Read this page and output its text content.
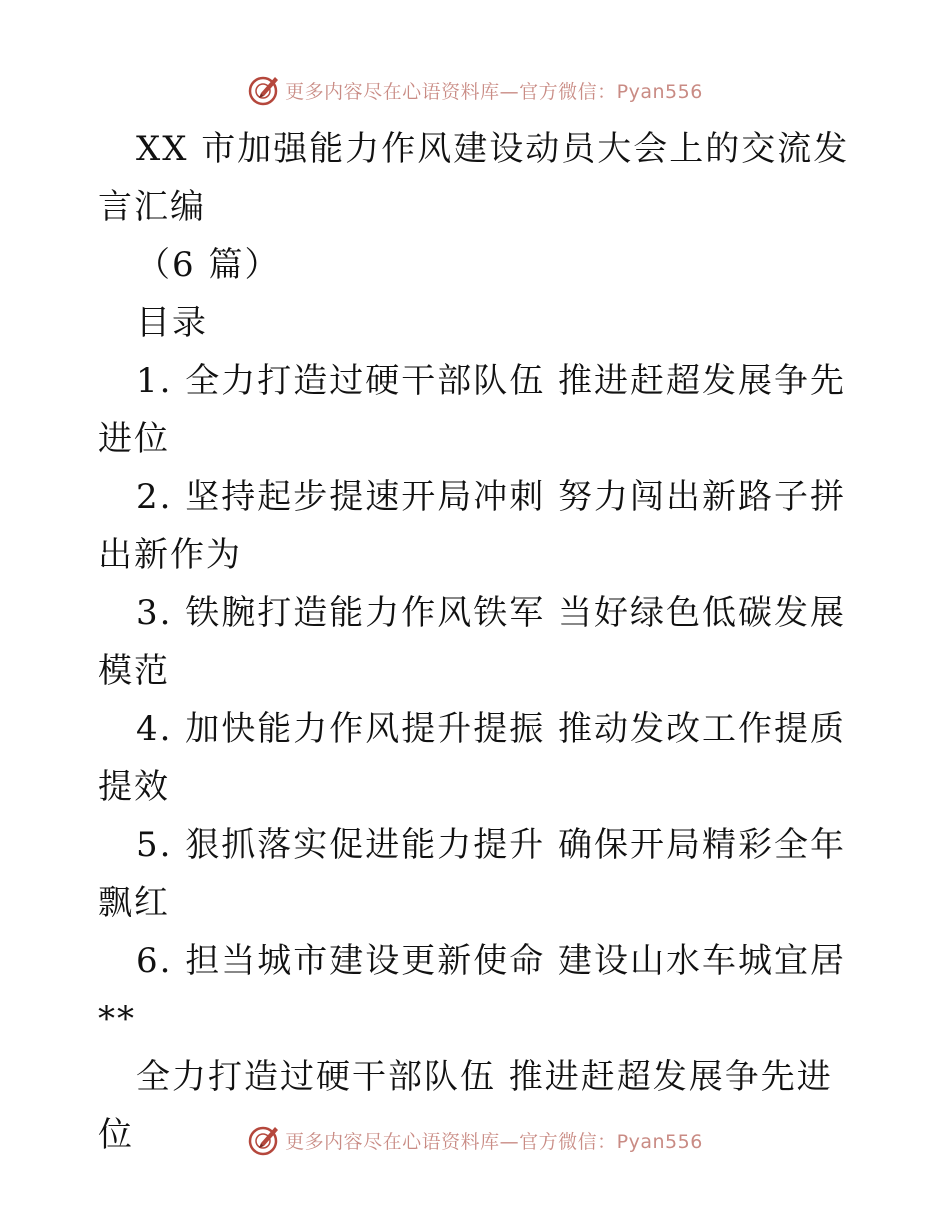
更多内容尽在心语资料库—官方微信：Pyan556

XX 市加强能力作风建设动员大会上的交流发言汇编

（6 篇）

目录

1. 全力打造过硬干部队伍 推进赶超发展争先进位

2. 坚持起步提速开局冲刺 努力闯出新路子拼出新作为

3. 铁腕打造能力作风铁军 当好绿色低碳发展模范

4. 加快能力作风提升提振 推动发改工作提质提效

5. 狠抓落实促进能力提升 确保开局精彩全年飘红

6. 担当城市建设更新使命 建设山水车城宜居**

全力打造过硬干部队伍 推进赶超发展争先进位	更多内容尽在心语资料库—官方微信：Pyan556
